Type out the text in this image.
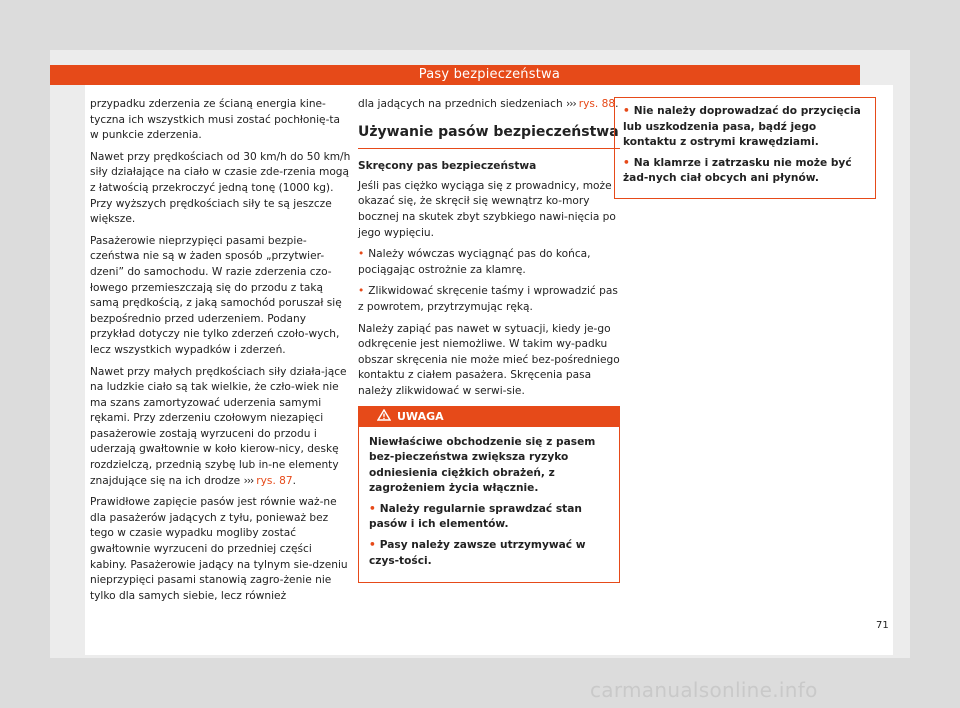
Pasy bezpieczeństwa

przypadku zderzenia ze ścianą energia kine-tyczna ich wszystkich musi zostać pochłonię-ta w punkcie zderzenia.

Nawet przy prędkościach od 30 km/h do 50 km/h siły działające na ciało w czasie zde-rzenia mogą z łatwością przekroczyć jedną tonę (1000 kg). Przy wyższych prędkościach siły te są jeszcze większe.

Pasażerowie nieprzypięci pasami bezpie-czeństwa nie są w żaden sposób „przytwier-dzeni” do samochodu. W razie zderzenia czo-łowego przemieszczają się do przodu z taką samą prędkością, z jaką samochód poruszał się bezpośrednio przed uderzeniem. Podany przykład dotyczy nie tylko zderzeń czoło-wych, lecz wszystkich wypadków i zderzeń.

Nawet przy małych prędkościach siły działa-jące na ludzkie ciało są tak wielkie, że czło-wiek nie ma szans zamortyzować uderzenia samymi rękami. Przy zderzeniu czołowym niezapięci pasażerowie zostają wyrzuceni do przodu i uderzają gwałtownie w koło kierow-nicy, deskę rozdzielczą, przednią szybę lub in-ne elementy znajdujące się na ich drodze ››› rys. 87.

Prawidłowe zapięcie pasów jest równie waż-ne dla pasażerów jadących z tyłu, ponieważ bez tego w czasie wypadku mogliby zostać gwałtownie wyrzuceni do przedniej części kabiny. Pasażerowie jadący na tylnym sie-dzeniu nieprzypięci pasami stanowią zagro-żenie nie tylko dla samych siebie, lecz również

dla jadących na przednich siedzeniach ››› rys. 88.

Używanie pasów bezpieczeństwa

Skręcony pas bezpieczeństwa

Jeśli pas ciężko wyciąga się z prowadnicy, może okazać się, że skręcił się wewnątrz ko-mory bocznej na skutek zbyt szybkiego nawi-nięcia po jego wypięciu.

• Należy wówczas wyciągnąć pas do końca, pociągając ostrożnie za klamrę.

• Zlikwidować skręcenie taśmy i wprowadzić pas z powrotem, przytrzymując ręką.

Należy zapiąć pas nawet w sytuacji, kiedy je-go odkręcenie jest niemożliwe. W takim wy-padku obszar skręcenia nie może mieć bez-pośredniego kontaktu z ciałem pasażera. Skręcenia pasa należy zlikwidować w serwi-sie.

UWAGA

Niewłaściwe obchodzenie się z pasem bez-pieczeństwa zwiększa ryzyko odniesienia ciężkich obrażeń, z zagrożeniem życia włącznie.

• Należy regularnie sprawdzać stan pasów i ich elementów.

• Pasy należy zawsze utrzymywać w czys-tości.

• Nie należy doprowadzać do przycięcia lub uszkodzenia pasa, bądź jego kontaktu z ostrymi krawędziami.

• Na klamrze i zatrzasku nie może być żad-nych ciał obcych ani płynów.

71
carmanualsonline.info
